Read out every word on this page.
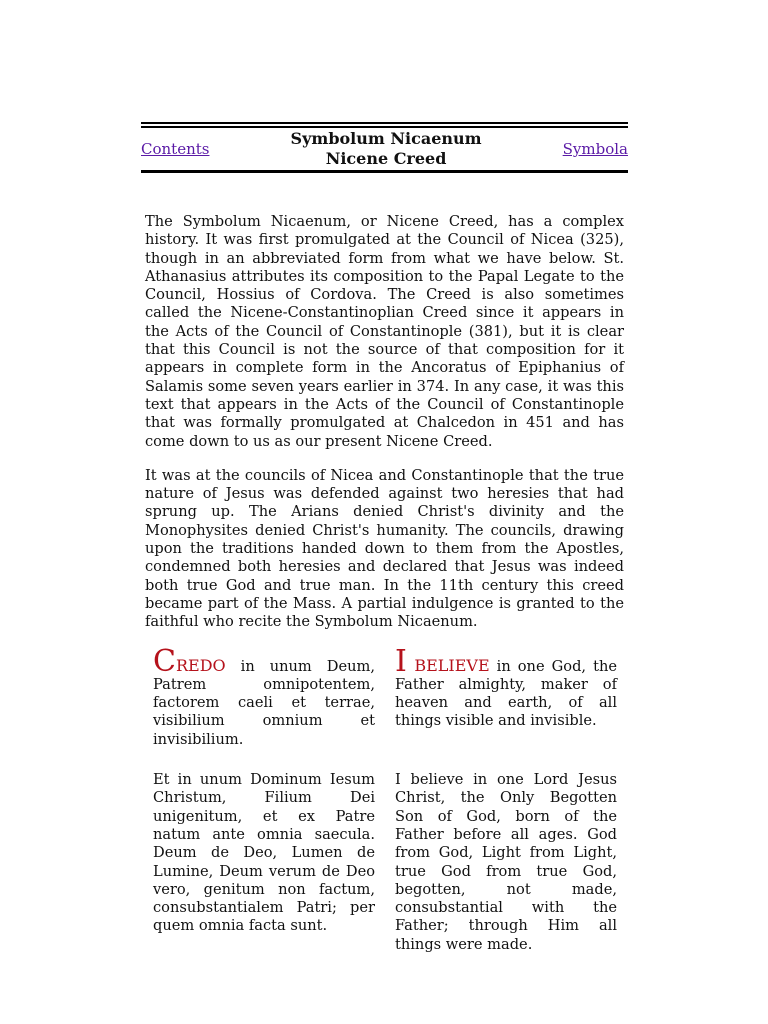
Contents
Symbolum Nicaenum
Nicene Creed	Symbola

The Symbolum Nicaenum, or Nicene Creed, has a complex history. It was first promulgated at the Council of Nicea (325), though in an abbreviated form from what we have below. St. Athanasius attributes its composition to the Papal Legate to the Council, Hossius of Cordova. The Creed is also sometimes called the Nicene-Constantinoplian Creed since it appears in the Acts of the Council of Constantinople (381), but it is clear that this Council is not the source of that composition for it appears in complete form in the Ancoratus of Epiphanius of Salamis some seven years earlier in 374. In any case, it was this text that appears in the Acts of the Council of Constantinople that was formally promulgated at Chalcedon in 451 and has come down to us as our present Nicene Creed.

It was at the councils of Nicea and Constantinople that the true nature of Jesus was defended against two heresies that had sprung up. The Arians denied Christ's divinity and the Monophysites denied Christ's humanity. The councils, drawing upon the traditions handed down to them from the Apostles, condemned both heresies and declared that Jesus was indeed both true God and true man. In the 11th century this creed became part of the Mass. A partial indulgence is granted to the faithful who recite the Symbolum Nicaenum.

CREDO in unum Deum, Patrem omnipotentem, factorem caeli et terrae, visibilium omnium et invisibilium.
I BELIEVE in one God, the Father almighty, maker of heaven and earth, of all things visible and invisible.
Et in unum Dominum Iesum Christum, Filium Dei unigenitum, et ex Patre natum ante omnia saecula. Deum de Deo, Lumen de Lumine, Deum verum de Deo vero, genitum non factum, consubstantialem Patri; per quem omnia facta sunt.
I believe in one Lord Jesus Christ, the Only Begotten Son of God, born of the Father before all ages. God from God, Light from Light, true God from true God, begotten, not made, consubstantial with the Father; through Him all things were made.
